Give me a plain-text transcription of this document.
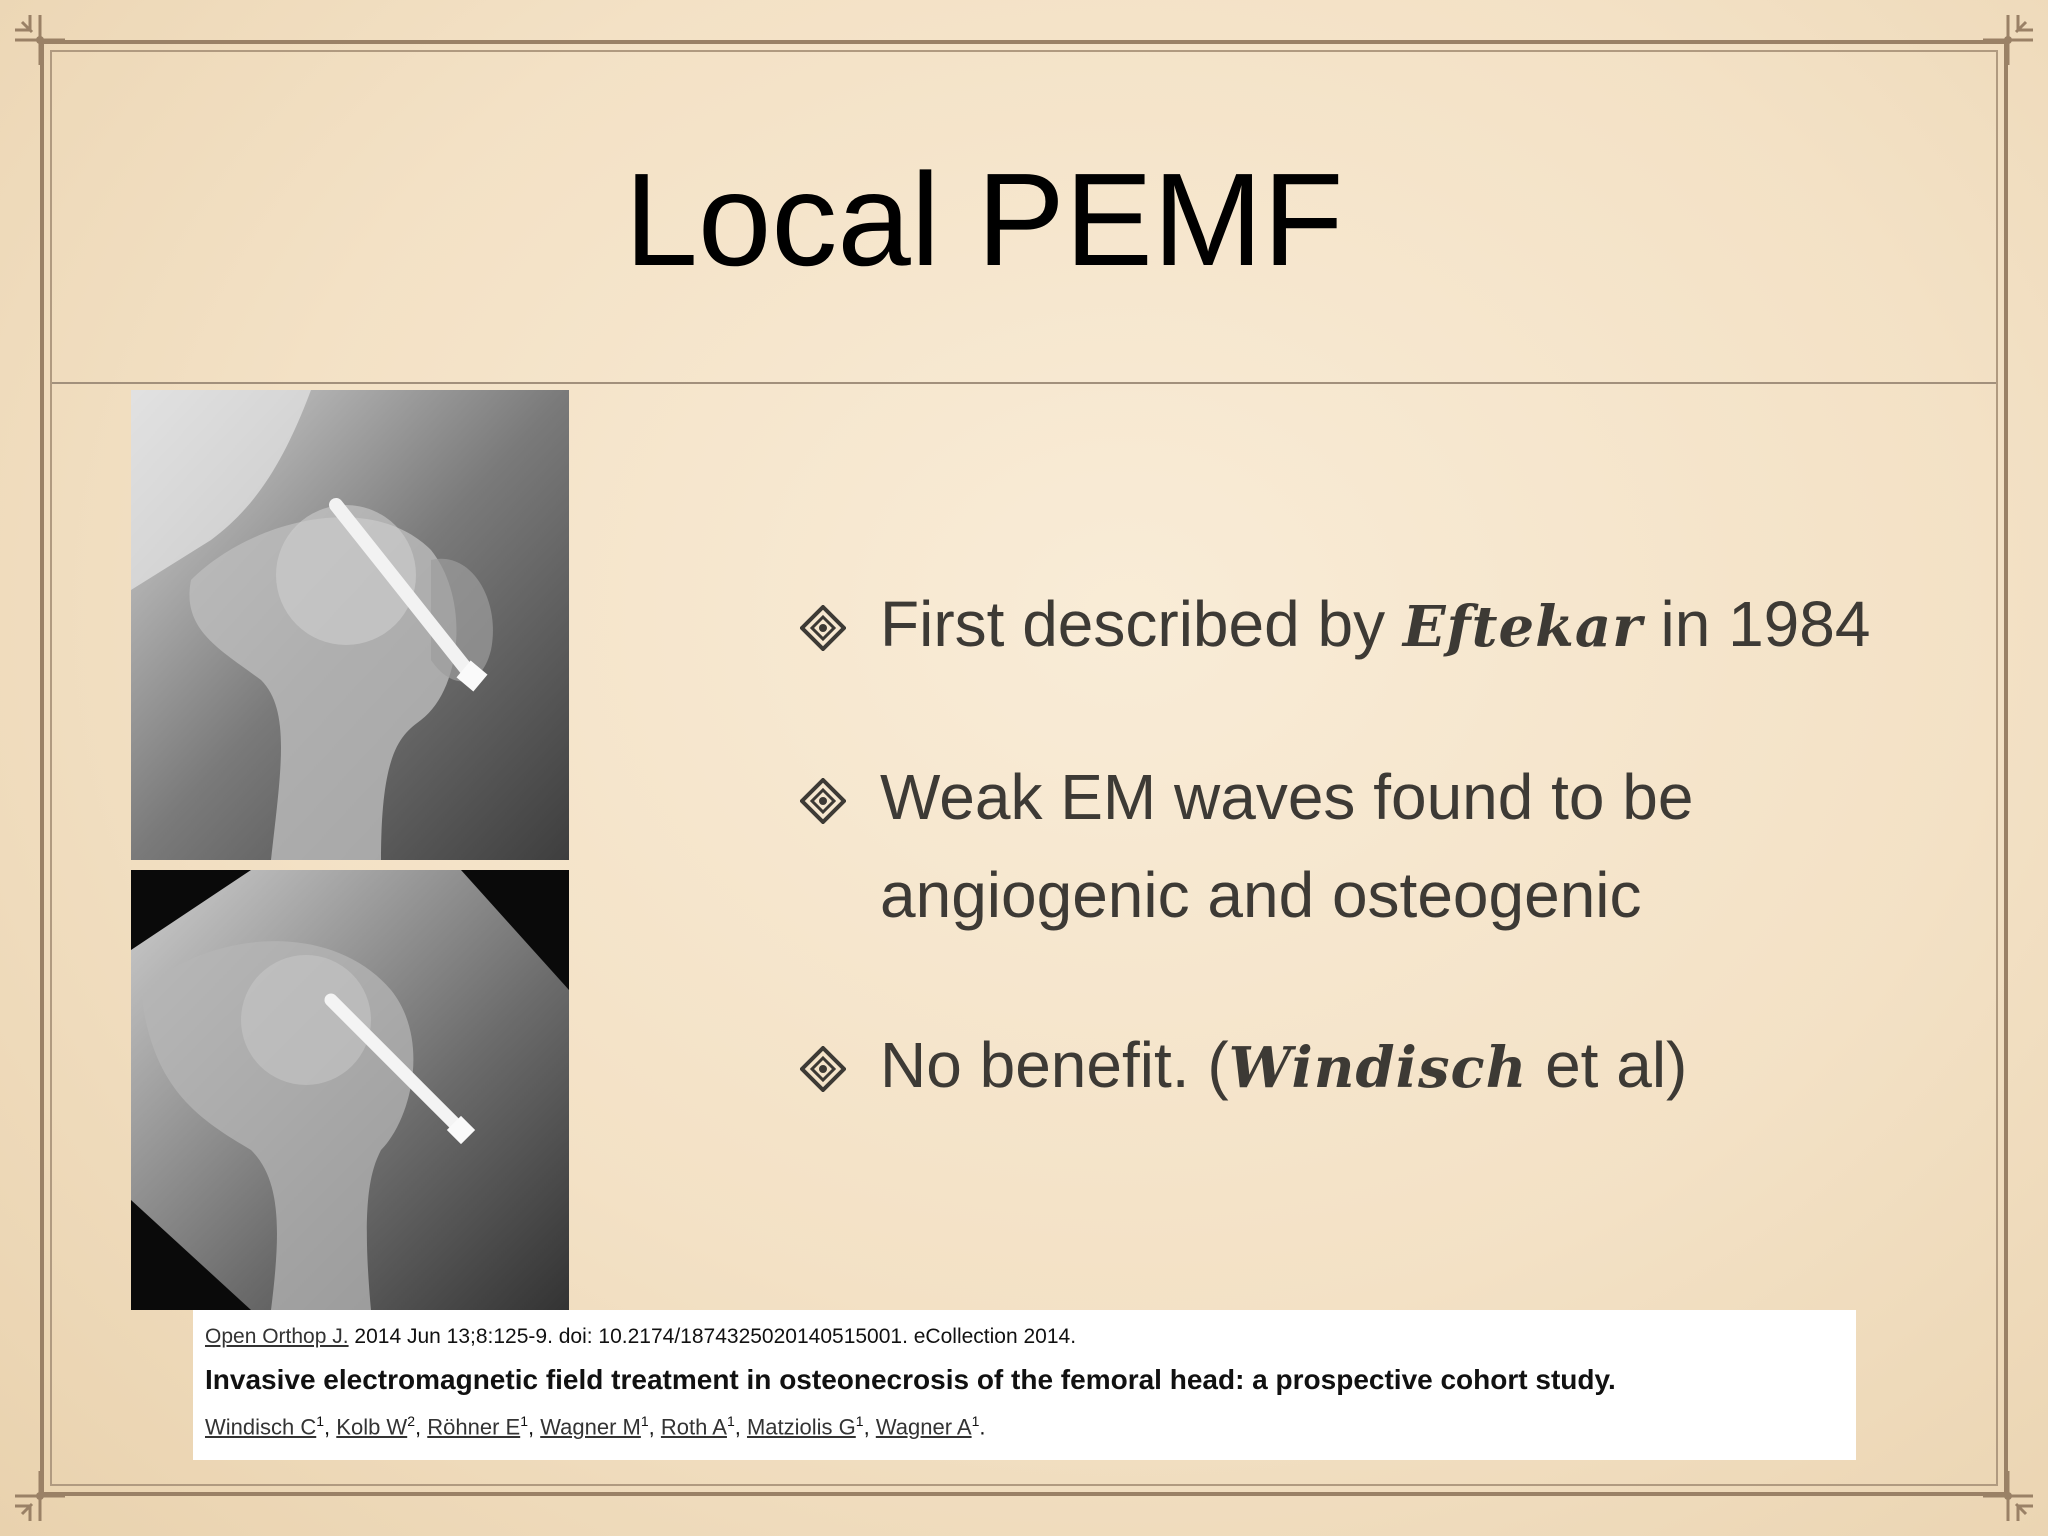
Local PEMF

First described by Eftekar in 1984

Weak EM waves found to be angiogenic and osteogenic

No benefit. (Windisch et al)

Open Orthop J. 2014 Jun 13;8:125-9. doi: 10.2174/1874325020140515001. eCollection 2014.
Invasive electromagnetic field treatment in osteonecrosis of the femoral head: a prospective cohort study.
Windisch $C^1$, Kolb $W^2$, Röhner $E^1$, Wagner $M^1$, Roth $A^1$, Matziolis $G^1$, Wagner $A^1$.
